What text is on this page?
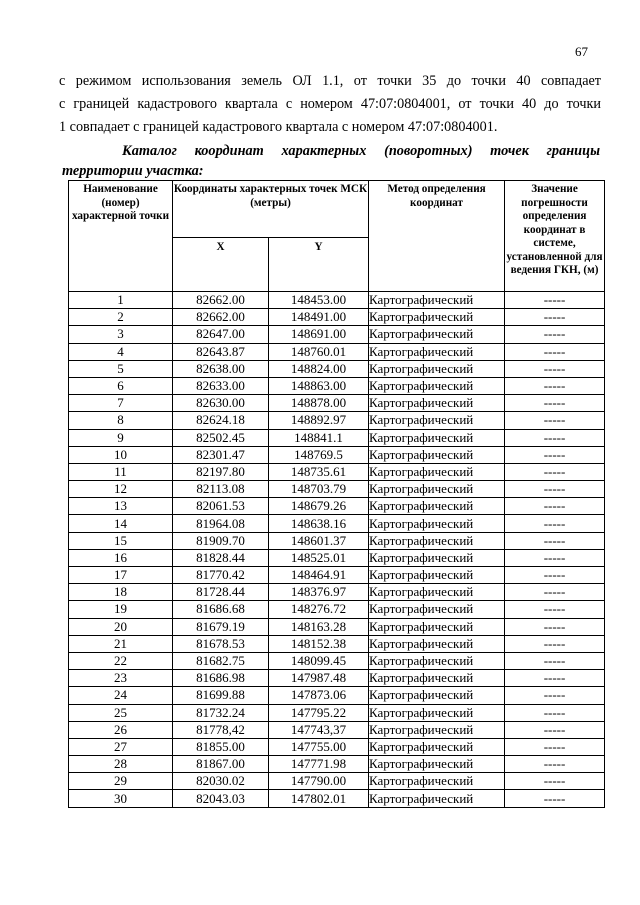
67
с режимом использования земель ОЛ 1.1, от точки 35 до точки 40 совпадает
с границей кадастрового квартала с номером 47:07:0804001, от точки 40 до точки
1 совпадает с границей кадастрового квартала с номером 47:07:0804001.
Каталог координат характерных (поворотных) точек границы
территории участка:
Наименование (номер) характерной точки	Координаты характерных точек МСК (метры)		Метод определения координат	Значение погрешности определения координат в системе, установленной для ведения ГКН, (м)
	X	Y		
1	82662.00	148453.00	Картографический	-----
2	82662.00	148491.00	Картографический	-----
3	82647.00	148691.00	Картографический	-----
4	82643.87	148760.01	Картографический	-----
5	82638.00	148824.00	Картографический	-----
6	82633.00	148863.00	Картографический	-----
7	82630.00	148878.00	Картографический	-----
8	82624.18	148892.97	Картографический	-----
9	82502.45	148841.1	Картографический	-----
10	82301.47	148769.5	Картографический	-----
11	82197.80	148735.61	Картографический	-----
12	82113.08	148703.79	Картографический	-----
13	82061.53	148679.26	Картографический	-----
14	81964.08	148638.16	Картографический	-----
15	81909.70	148601.37	Картографический	-----
16	81828.44	148525.01	Картографический	-----
17	81770.42	148464.91	Картографический	-----
18	81728.44	148376.97	Картографический	-----
19	81686.68	148276.72	Картографический	-----
20	81679.19	148163.28	Картографический	-----
21	81678.53	148152.38	Картографический	-----
22	81682.75	148099.45	Картографический	-----
23	81686.98	147987.48	Картографический	-----
24	81699.88	147873.06	Картографический	-----
25	81732.24	147795.22	Картографический	-----
26	81778,42	147743,37	Картографический	-----
27	81855.00	147755.00	Картографический	-----
28	81867.00	147771.98	Картографический	-----
29	82030.02	147790.00	Картографический	-----
30	82043.03	147802.01	Картографический	-----
